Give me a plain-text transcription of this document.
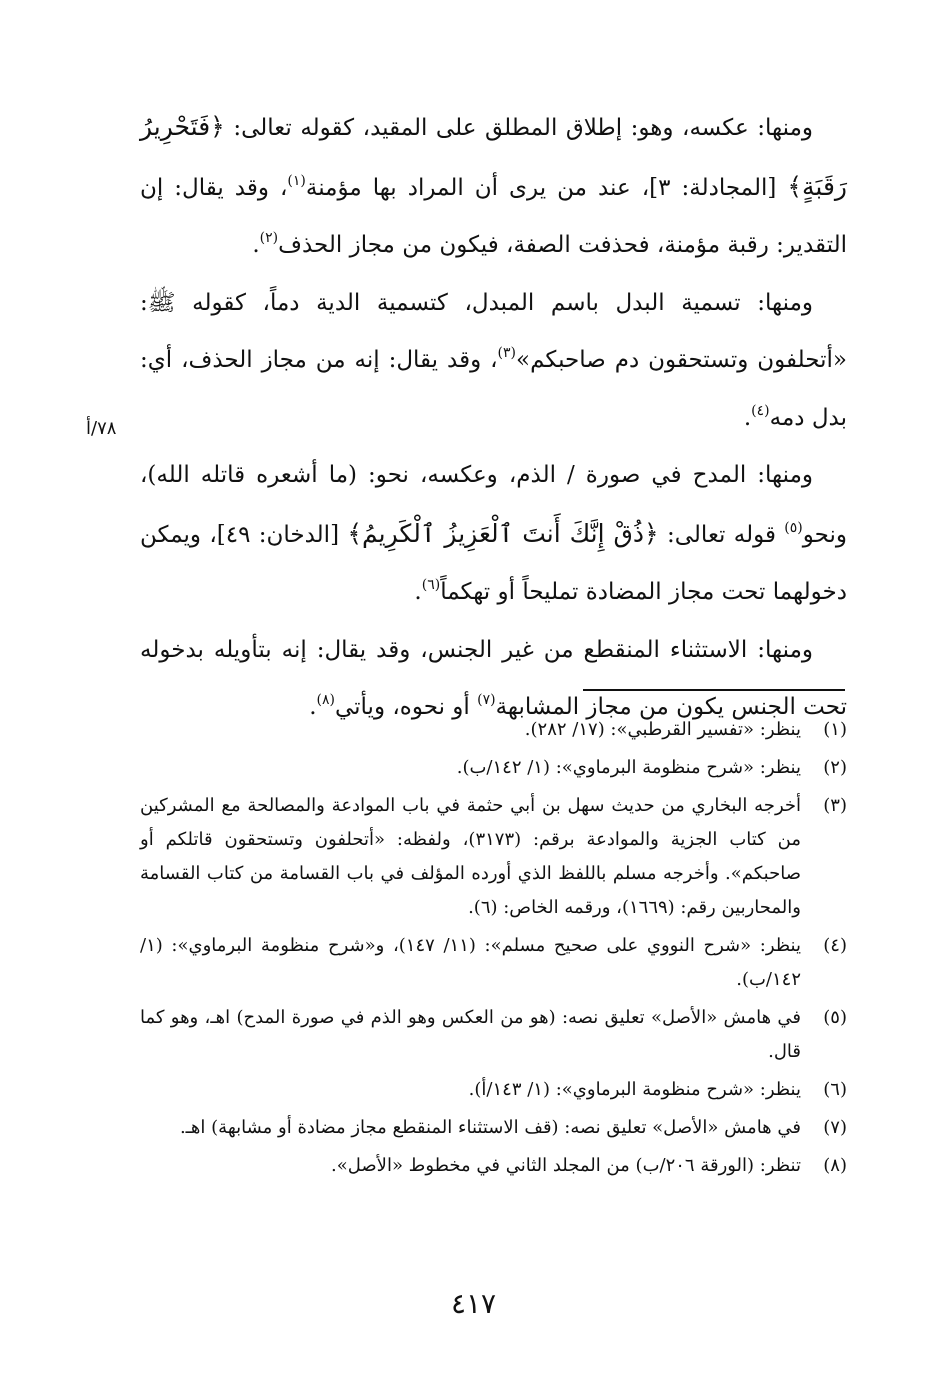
ومنها: عكسه، وهو: إطلاق المطلق على المقيد، كقوله تعالى: ﴿فَتَحْرِيرُ رَقَبَةٍ﴾ [المجادلة: ٣]، عند من يرى أن المراد بها مؤمنة$^{(١)}$، وقد يقال: إن التقدير: رقبة مؤمنة، فحذفت الصفة، فيكون من مجاز الحذف$^{(٢)}$.

ومنها: تسمية البدل باسم المبدل، كتسمية الدية دماً، كقوله ﷺ: «أتحلفون وتستحقون دم صاحبكم»$^{(٣)}$، وقد يقال: إنه من مجاز الحذف، أي: بدل دمه$^{(٤)}$.

ومنها: المدح في صورة / الذم، وعكسه، نحو: (ما أشعره قاتله الله)، ونحو$^{(٥)}$ قوله تعالى: ﴿ذُقْ إِنَّكَ أَنتَ ٱلْعَزِيزُ ٱلْكَرِيمُ﴾ [الدخان: ٤٩]، ويمكن دخولهما تحت مجاز المضادة تمليحاً أو تهكماً$^{(٦)}$.

ومنها: الاستثناء المنقطع من غير الجنس، وقد يقال: إنه بتأويله بدخوله تحت الجنس يكون من مجاز المشابهة$^{(٧)}$ أو نحوه، ويأتي$^{(٨)}$.

٧٨/أ
(١)
ينظر: «تفسير القرطبي»: (١٧/ ٢٨٢).
(٢)
ينظر: «شرح منظومة البرماوي»: (١/ ١٤٢/ب).
(٣)
أخرجه البخاري من حديث سهل بن أبي حثمة في باب الموادعة والمصالحة مع المشركين من كتاب الجزية والموادعة برقم: (٣١٧٣)، ولفظه: «أتحلفون وتستحقون قاتلكم أو صاحبكم». وأخرجه مسلم باللفظ الذي أورده المؤلف في باب القسامة من كتاب القسامة والمحاربين رقم: (١٦٦٩)، ورقمه الخاص: (٦).
(٤)
ينظر: «شرح النووي على صحيح مسلم»: (١١/ ١٤٧)، و«شرح منظومة البرماوي»: (١/ ١٤٢/ب).
(٥)
في هامش «الأصل» تعليق نصه: (هو من العكس وهو الذم في صورة المدح) اهـ، وهو كما قال.
(٦)
ينظر: «شرح منظومة البرماوي»: (١/ ١٤٣/أ).
(٧)
في هامش «الأصل» تعليق نصه: (قف الاستثناء المنقطع مجاز مضادة أو مشابهة) اهـ.
(٨)
تنظر: (الورقة ٢٠٦/ب) من المجلد الثاني في مخطوط «الأصل».
٤١٧
